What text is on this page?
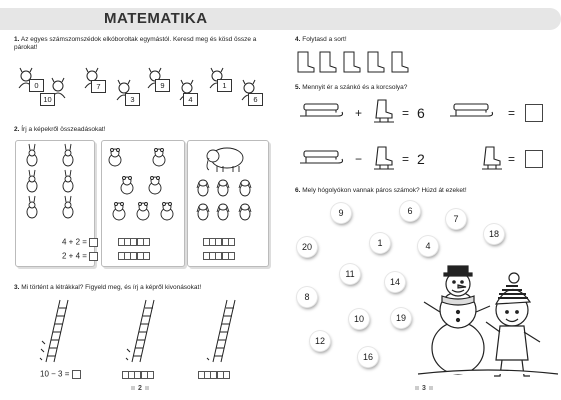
MATEMATIKA
1. Az egyes számszomszédok elkóboroltak egymástól. Keresd meg és kösd össze a párokat!
0
10
7
3
9
4
1
6
2. Írj a képekről összeadásokat!
4 + 2 =
2 + 4 =
3. Mi történt a létrákkal? Figyeld meg, és írj a képről kivonásokat!
10 − 3 =
2
4. Folytasd a sort!
5. Mennyit ér a szánkó és a korcsolya?
+	= 6	=
−	= 2	=
6. Mely hógolyókon vannak páros számok? Húzd át ezeket!
9	6
7
18
20	1	4
11
14
8
10	19
12
16
3
